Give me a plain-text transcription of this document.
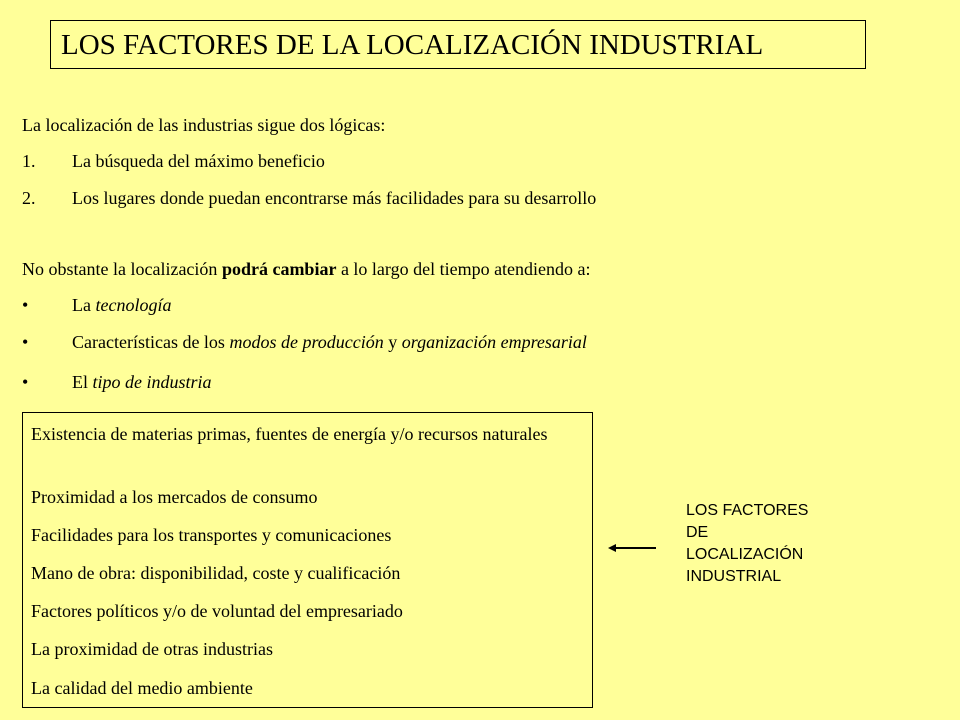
LOS FACTORES DE LA LOCALIZACIÓN INDUSTRIAL
La localización de las industrias sigue dos lógicas:
1. La búsqueda del máximo beneficio
2. Los lugares donde puedan encontrarse más facilidades para su desarrollo
No obstante la localización podrá cambiar a lo largo del tiempo atendiendo a:
• La tecnología
• Características de los modos de producción y organización empresarial
• El tipo de industria
Existencia de materias primas, fuentes de energía y/o recursos naturales
Proximidad a los mercados de consumo
Facilidades para los transportes y comunicaciones
Mano de obra: disponibilidad, coste y cualificación
Factores políticos y/o de voluntad del empresariado
La proximidad de otras industrias
La calidad del medio ambiente
LOS FACTORES
DE
LOCALIZACIÓN
INDUSTRIAL
